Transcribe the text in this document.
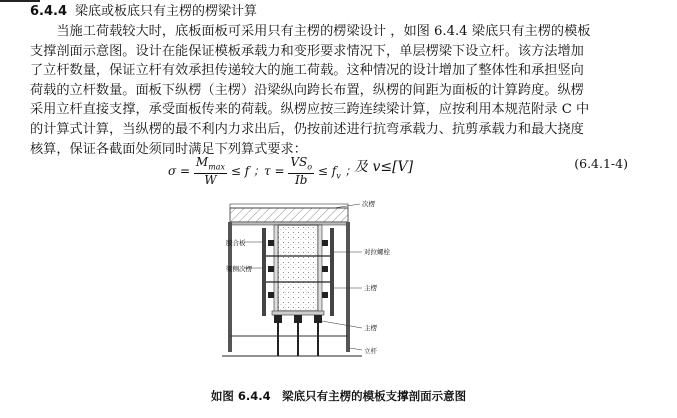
6.4.4 梁底或板底只有主楞的楞梁计算
　　当施工荷载较大时，底板面板可采用只有主楞的楞梁设计 ，如图 6.4.4 梁底只有主楞的模板
支撑剖面示意图。设计在能保证模板承载力和变形要求情况下，单层楞梁下设立杆。该方法增加
了立杆数量，保证立杆有效承担传递较大的施工荷载。这种情况的设计增加了整体性和承担竖向
荷载的立杆数量。面板下纵楞（主楞）沿梁纵向跨长布置，纵楞的间距为面板的计算跨度。纵楞
采用立杆直接支撑，承受面板传来的荷载。纵楞应按三跨连续梁计算，应按利用本规范附录 C 中
的计算式计算，当纵楞的最不利内力求出后，仍按前述进行抗弯承载力、抗剪承载力和最大挠度
核算，保证各截面处须同时满足下列算式要求：
$\sigma = \frac{M_{max}}{W} \le f$ ；
$\tau = \frac{VS_o}{Ib} \le f_v$ ；
及 v≤[V]	(6.4.1-4)
次楞
胶合板
对拉螺栓
梁侧次楞
主楞
主楞
立杆
如图 6.4.4　梁底只有主楞的模板支撑剖面示意图
